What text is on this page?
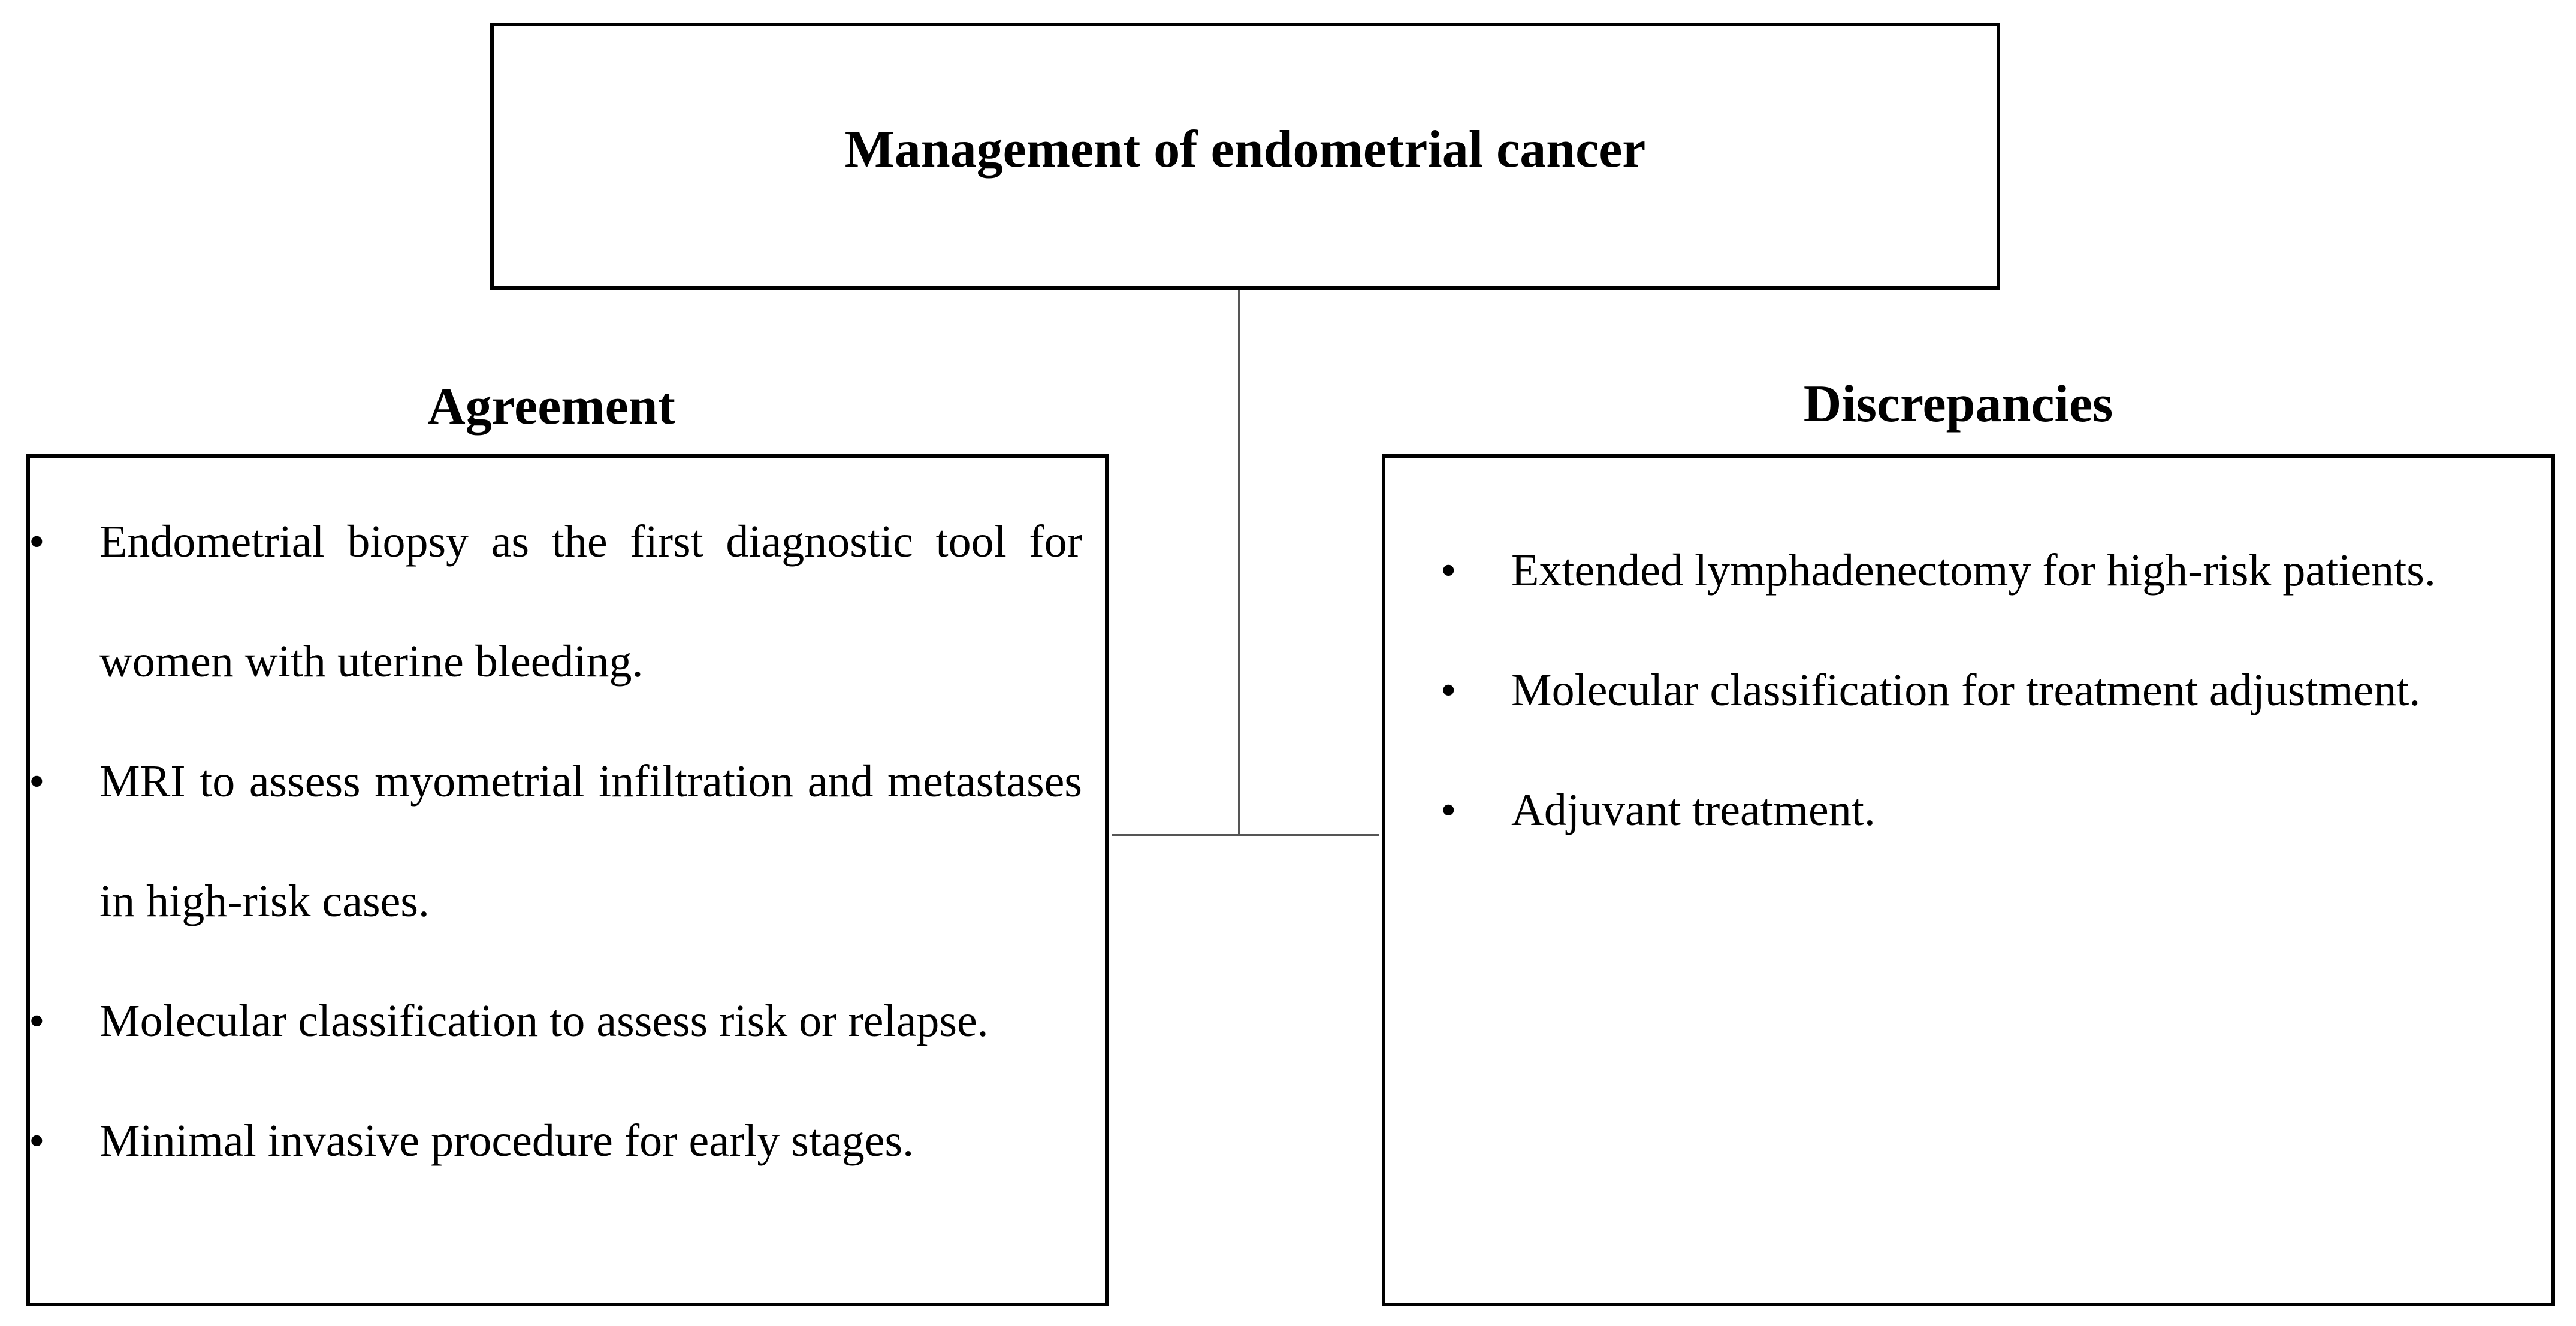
Management of endometrial cancer
Agreement	Discrepancies
• Endometrial biopsy as the first diagnostic tool for women with uterine bleeding.
• MRI to assess myometrial infiltration and metastases in high-risk cases.
• Molecular classification to assess risk or relapse.
• Minimal invasive procedure for early stages.
• Extended lymphadenectomy for high-risk patients.
• Molecular classification for treatment adjustment.
• Adjuvant treatment.
